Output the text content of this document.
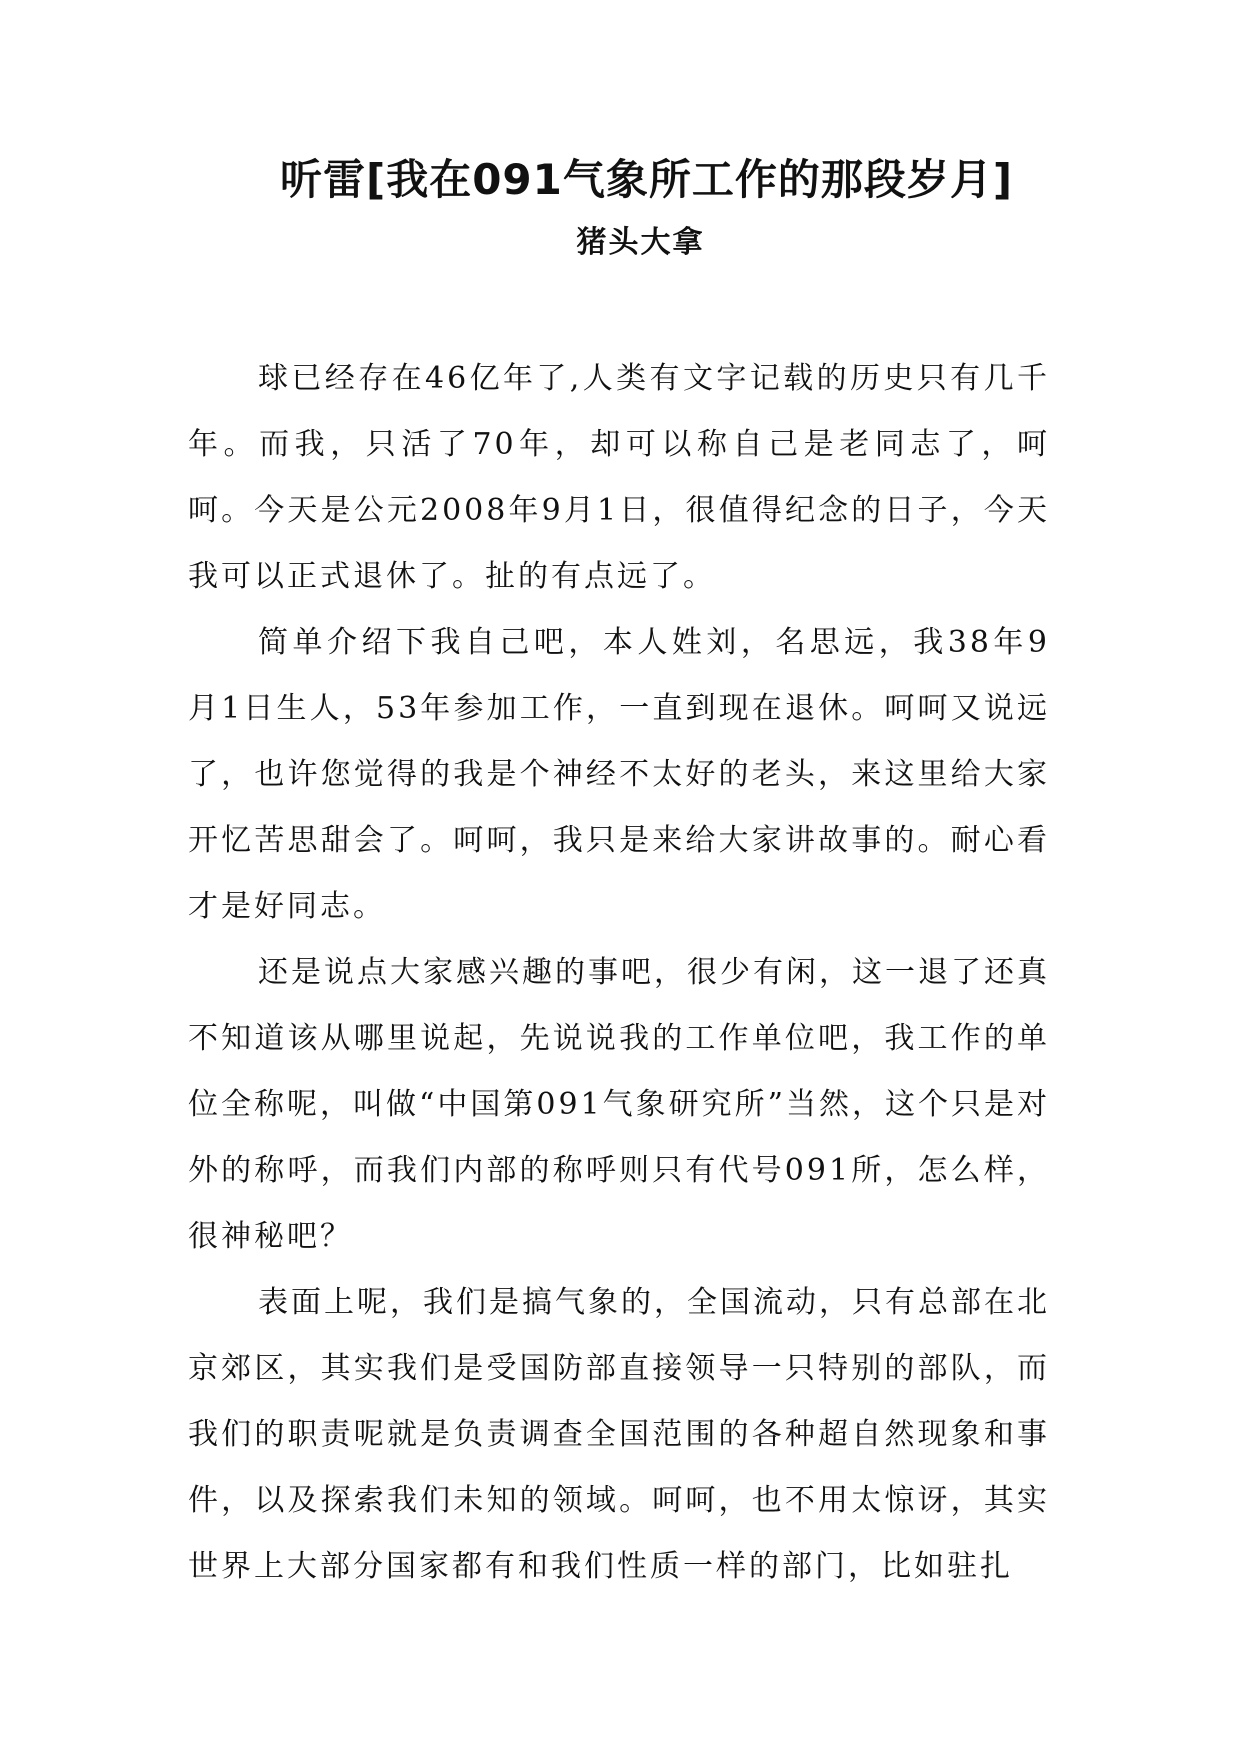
听雷[我在091气象所工作的那段岁月]
猪头大拿

球已经存在46亿年了,人类有文字记载的历史只有几千年。而我，只活了70年，却可以称自己是老同志了，呵呵。今天是公元2008年9月1日，很值得纪念的日子，今天我可以正式退休了。扯的有点远了。

简单介绍下我自己吧，本人姓刘，名思远，我38年9月1日生人，53年参加工作，一直到现在退休。呵呵又说远了，也许您觉得的我是个神经不太好的老头，来这里给大家开忆苦思甜会了。呵呵，我只是来给大家讲故事的。耐心看才是好同志。

还是说点大家感兴趣的事吧，很少有闲，这一退了还真不知道该从哪里说起，先说说我的工作单位吧，我工作的单位全称呢，叫做“中国第091气象研究所”当然，这个只是对外的称呼，而我们内部的称呼则只有代号091所，怎么样，很神秘吧？

表面上呢，我们是搞气象的，全国流动，只有总部在北京郊区，其实我们是受国防部直接领导一只特别的部队，而我们的职责呢就是负责调查全国范围的各种超自然现象和事件，以及探索我们未知的领域。呵呵，也不用太惊讶，其实世界上大部分国家都有和我们性质一样的部门，比如驻扎
